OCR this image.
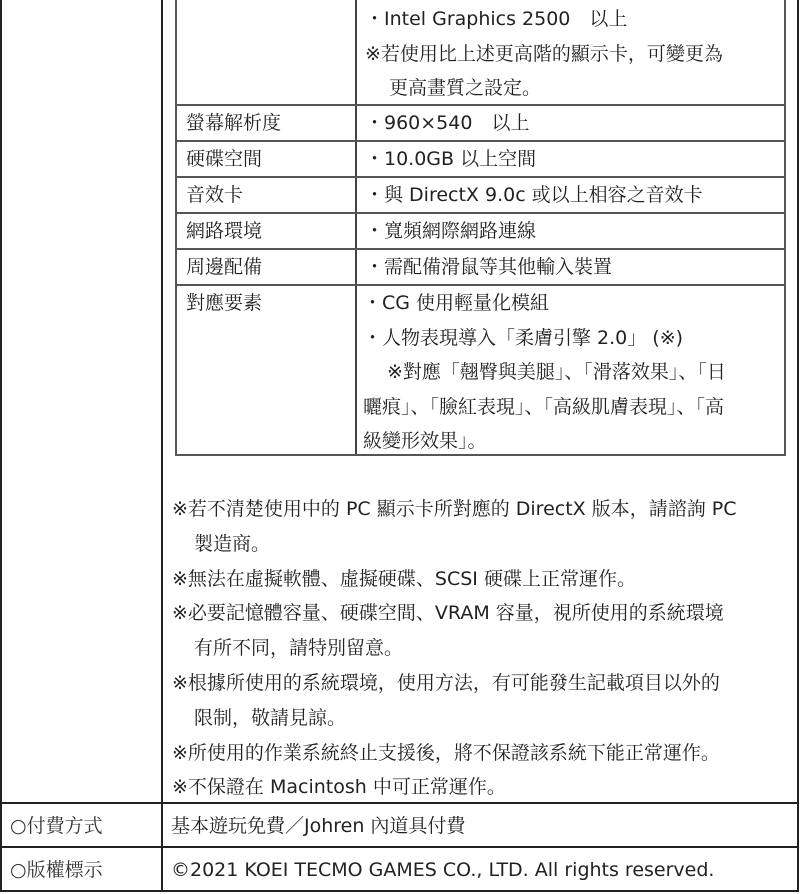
・Intel Graphics 2500　以上
※若使用比上述更高階的顯示卡，可變更為
更高畫質之設定。
螢幕解析度	・960×540　以上
硬碟空間	・10.0GB 以上空間
音效卡	・與 DirectX 9.0c 或以上相容之音效卡
網路環境	・寬頻網際網路連線
周邊配備	・需配備滑鼠等其他輸入裝置
對應要素	・CG 使用輕量化模組
・人物表現導入「柔膚引擎 2.0」 (※)
※對應「翹臀與美腿」、「滑落效果」、「日
曬痕」、「臉紅表現」、「高級肌膚表現」、「高
級變形效果」。
※若不清楚使用中的 PC 顯示卡所對應的 DirectX 版本，請諮詢 PC
製造商。
※無法在虛擬軟體、虛擬硬碟、SCSI 硬碟上正常運作。
※必要記憶體容量、硬碟空間、VRAM 容量，視所使用的系統環境
有所不同，請特別留意。
※根據所使用的系統環境，使用方法，有可能發生記載項目以外的
限制，敬請見諒。
※所使用的作業系統終止支援後，將不保證該系統下能正常運作。
※不保證在 Macintosh 中可正常運作。
○付費方式	基本遊玩免費／Johren 內道具付費
○版權標示	©2021 KOEI TECMO GAMES CO., LTD. All rights reserved.
